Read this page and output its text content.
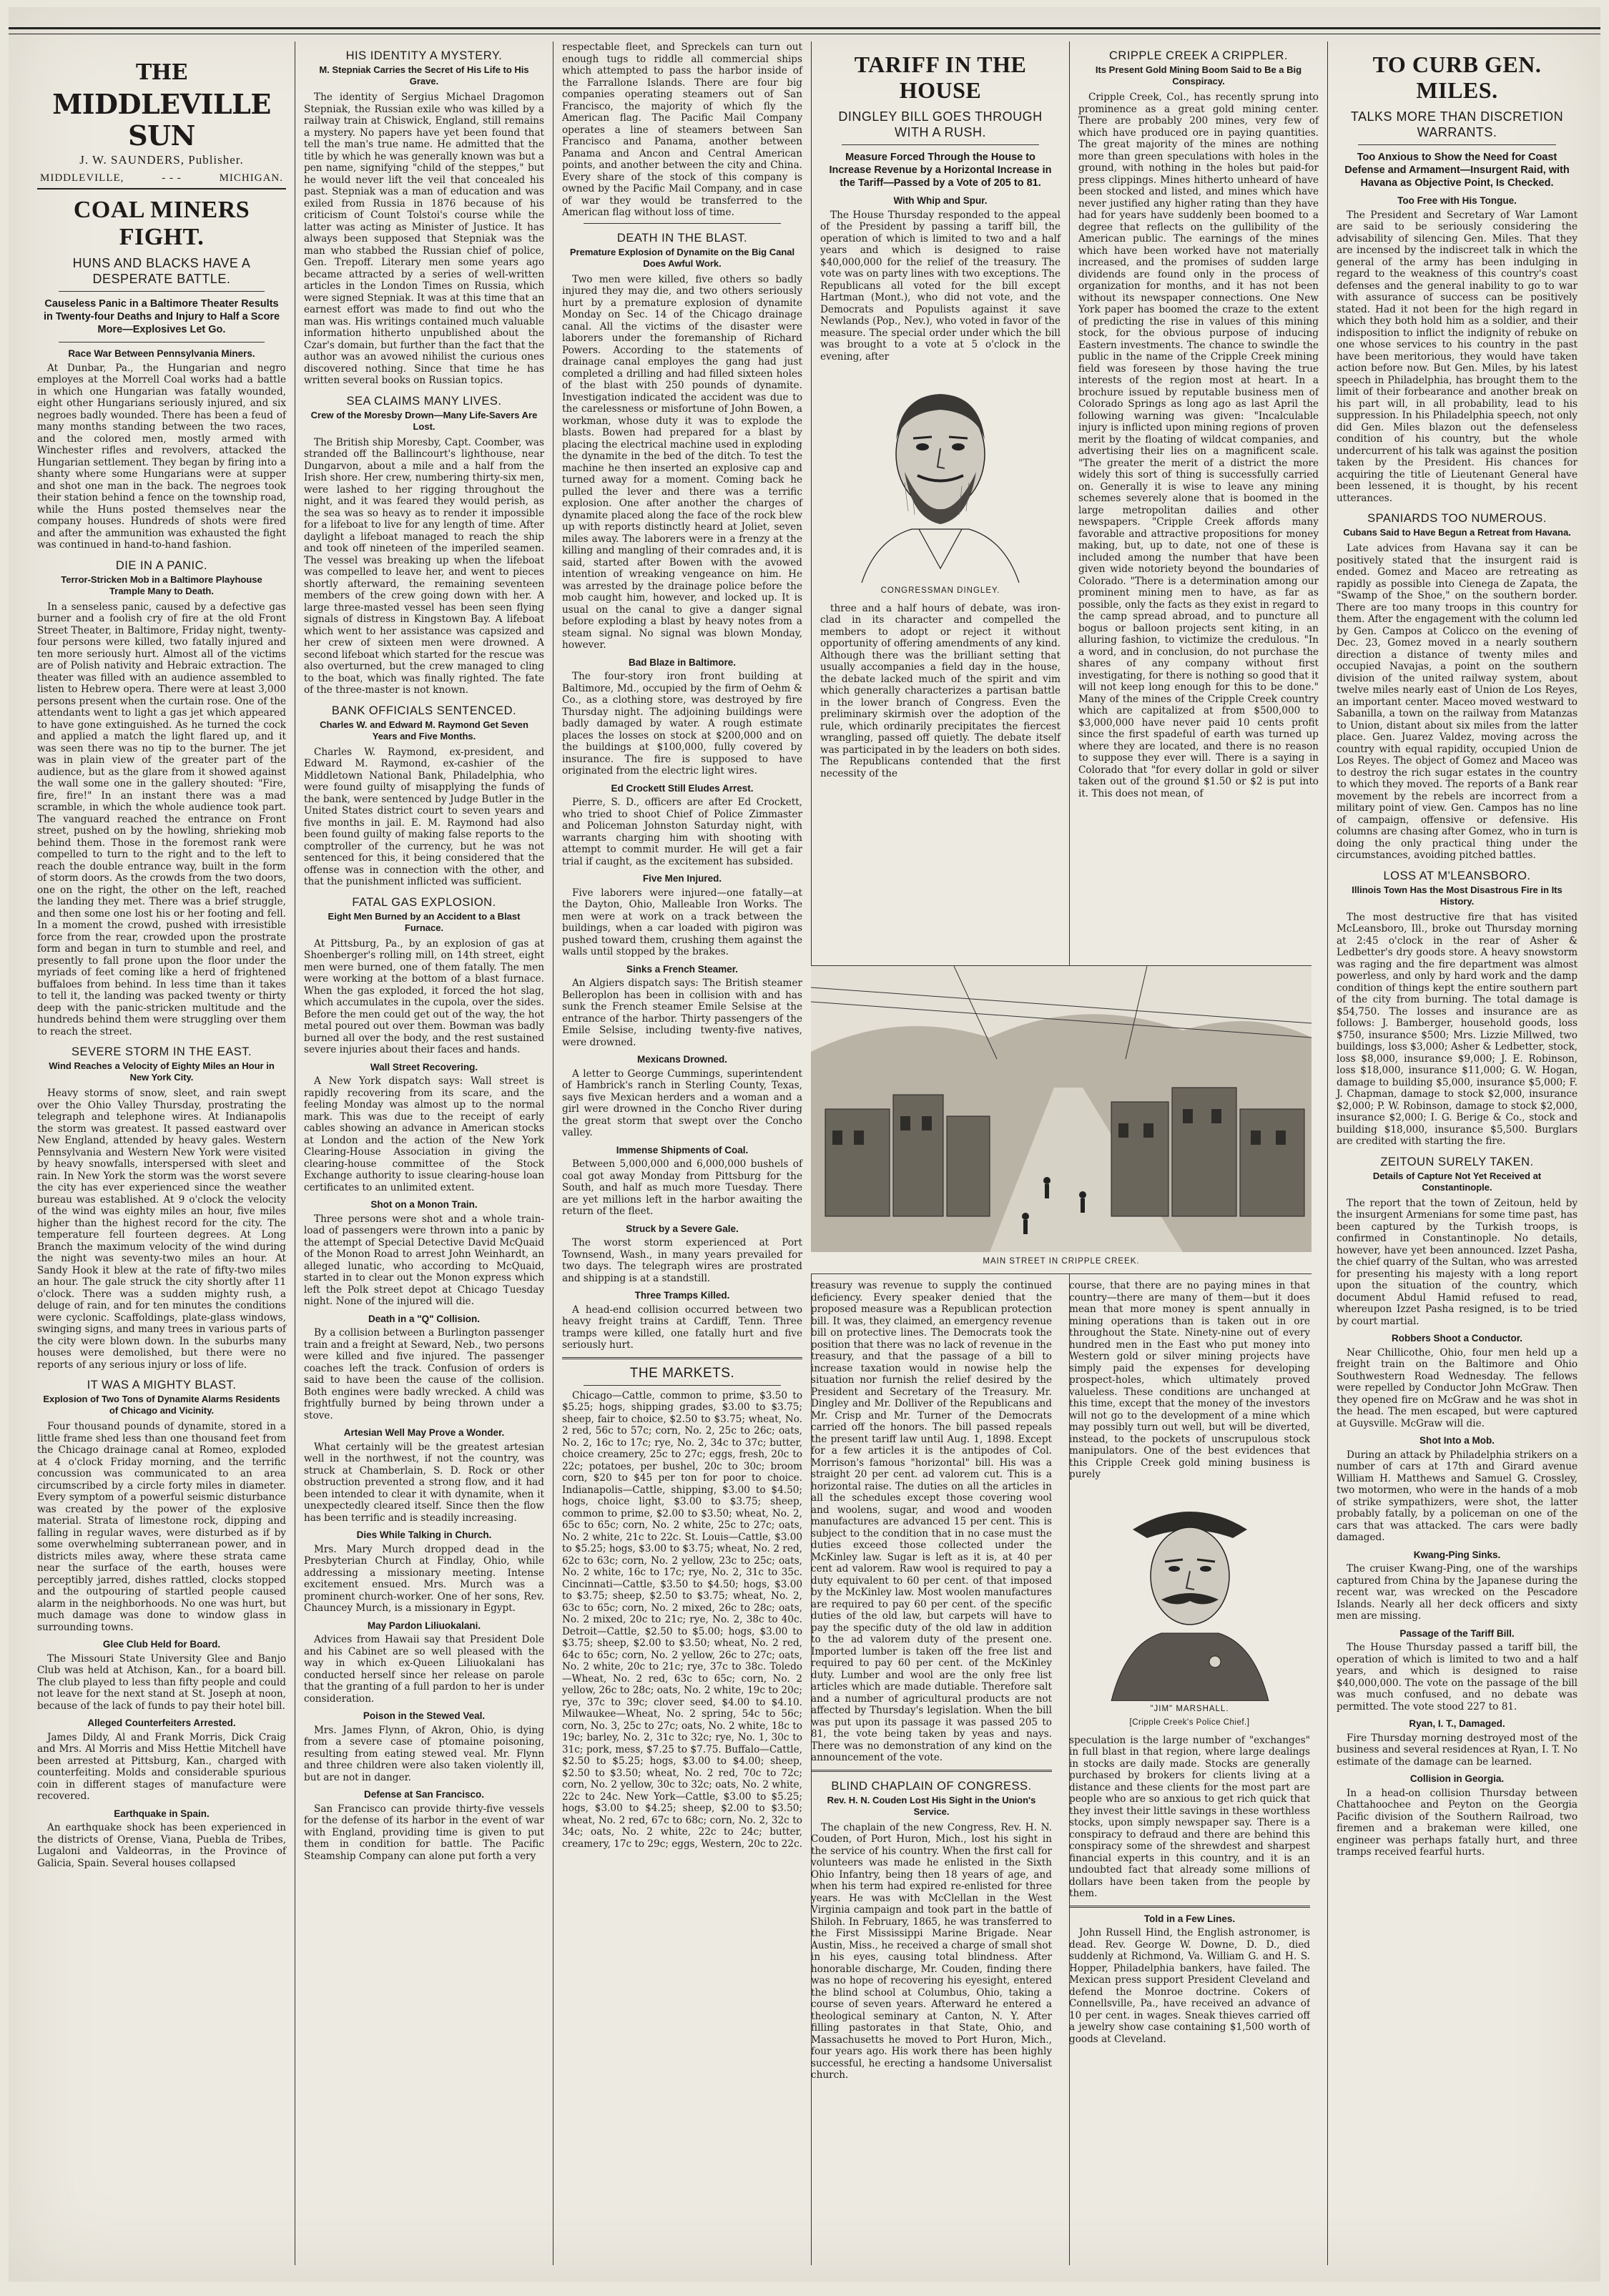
THE MIDDLEVILLE SUN
J. W. SAUNDERS, Publisher.
MIDDLEVILLE,	- - -	MICHIGAN.
COAL MINERS FIGHT.
HUNS AND BLACKS HAVE A DESPERATE BATTLE.
Causeless Panic in a Baltimore Theater Results in Twenty-four Deaths and Injury to Half a Score More—Explosives Let Go.
Race War Between Pennsylvania Miners.

At Dunbar, Pa., the Hungarian and negro employes at the Morrell Coal works had a battle in which one Hungarian was fatally wounded, eight other Hungarians seriously injured, and six negroes badly wounded. There has been a feud of many months standing between the two races, and the colored men, mostly armed with Winchester rifles and revolvers, attacked the Hungarian settlement. They began by firing into a shanty where some Hungarians were at supper and shot one man in the back. The negroes took their station behind a fence on the township road, while the Huns posted themselves near the company houses. Hundreds of shots were fired and after the ammunition was exhausted the fight was continued in hand-to-hand fashion.

DIE IN A PANIC.
Terror-Stricken Mob in a Baltimore Playhouse Trample Many to Death.

In a senseless panic, caused by a defective gas burner and a foolish cry of fire at the old Front Street Theater, in Baltimore, Friday night, twenty-four persons were killed, two fatally injured and ten more seriously hurt. Almost all of the victims are of Polish nativity and Hebraic extraction. The theater was filled with an audience assembled to listen to Hebrew opera. There were at least 3,000 persons present when the curtain rose. One of the attendants went to light a gas jet which appeared to have gone extinguished. As he turned the cock and applied a match the light flared up, and it was seen there was no tip to the burner. The jet was in plain view of the greater part of the audience, but as the glare from it showed against the wall some one in the gallery shouted: "Fire, fire, fire!" In an instant there was a mad scramble, in which the whole audience took part. The vanguard reached the entrance on Front street, pushed on by the howling, shrieking mob behind them. Those in the foremost rank were compelled to turn to the right and to the left to reach the double entrance way, built in the form of storm doors. As the crowds from the two doors, one on the right, the other on the left, reached the landing they met. There was a brief struggle, and then some one lost his or her footing and fell. In a moment the crowd, pushed with irresistible force from the rear, crowded upon the prostrate form and began in turn to stumble and reel, and presently to fall prone upon the floor under the myriads of feet coming like a herd of frightened buffaloes from behind. In less time than it takes to tell it, the landing was packed twenty or thirty deep with the panic-stricken multitude and the hundreds behind them were struggling over them to reach the street.

SEVERE STORM IN THE EAST.
Wind Reaches a Velocity of Eighty Miles an Hour in New York City.

Heavy storms of snow, sleet, and rain swept over the Ohio Valley Thursday, prostrating the telegraph and telephone wires. At Indianapolis the storm was greatest. It passed eastward over New England, attended by heavy gales. Western Pennsylvania and Western New York were visited by heavy snowfalls, interspersed with sleet and rain. In New York the storm was the worst severe the city has ever experienced since the weather bureau was established. At 9 o'clock the velocity of the wind was eighty miles an hour, five miles higher than the highest record for the city. The temperature fell fourteen degrees. At Long Branch the maximum velocity of the wind during the night was seventy-two miles an hour. At Sandy Hook it blew at the rate of fifty-two miles an hour. The gale struck the city shortly after 11 o'clock. There was a sudden mighty rush, a deluge of rain, and for ten minutes the conditions were cyclonic. Scaffoldings, plate-glass windows, swinging signs, and many trees in various parts of the city were blown down. In the suburbs many houses were demolished, but there were no reports of any serious injury or loss of life.

IT WAS A MIGHTY BLAST.
Explosion of Two Tons of Dynamite Alarms Residents of Chicago and Vicinity.

Four thousand pounds of dynamite, stored in a little frame shed less than one thousand feet from the Chicago drainage canal at Romeo, exploded at 4 o'clock Friday morning, and the terrific concussion was communicated to an area circumscribed by a circle forty miles in diameter. Every symptom of a powerful seismic disturbance was created by the power of the explosive material. Strata of limestone rock, dipping and falling in regular waves, were disturbed as if by some overwhelming subterranean power, and in districts miles away, where these strata came near the surface of the earth, houses were perceptibly jarred, dishes rattled, clocks stopped and the outpouring of startled people caused alarm in the neighborhoods. No one was hurt, but much damage was done to window glass in surrounding towns.

Glee Club Held for Board.

The Missouri State University Glee and Banjo Club was held at Atchison, Kan., for a board bill. The club played to less than fifty people and could not leave for the next stand at St. Joseph at noon, because of the lack of funds to pay their hotel bill.

Alleged Counterfeiters Arrested.

James Dildy, Al and Frank Morris, Dick Craig and Mrs. Al Morris and Miss Hettie Mitchell have been arrested at Pittsburg, Kan., charged with counterfeiting. Molds and considerable spurious coin in different stages of manufacture were recovered.

Earthquake in Spain.

An earthquake shock has been experienced in the districts of Orense, Viana, Puebla de Tribes, Lugaloni and Valdeorras, in the Province of Galicia, Spain. Several houses collapsed

HIS IDENTITY A MYSTERY.
M. Stepniak Carries the Secret of His Life to His Grave.

The identity of Sergius Michael Dragomon Stepniak, the Russian exile who was killed by a railway train at Chiswick, England, still remains a mystery. No papers have yet been found that tell the man's true name. He admitted that the title by which he was generally known was but a pen name, signifying "child of the steppes," but he would never lift the veil that concealed his past. Stepniak was a man of education and was exiled from Russia in 1876 because of his criticism of Count Tolstoi's course while the latter was acting as Minister of Justice. It has always been supposed that Stepniak was the man who stabbed the Russian chief of police, Gen. Trepoff. Literary men some years ago became attracted by a series of well-written articles in the London Times on Russia, which were signed Stepniak. It was at this time that an earnest effort was made to find out who the man was. His writings contained much valuable information hitherto unpublished about the Czar's domain, but further than the fact that the author was an avowed nihilist the curious ones discovered nothing. Since that time he has written several books on Russian topics.

SEA CLAIMS MANY LIVES.
Crew of the Moresby Drown—Many Life-Savers Are Lost.

The British ship Moresby, Capt. Coomber, was stranded off the Ballincourt's lighthouse, near Dungarvon, about a mile and a half from the Irish shore. Her crew, numbering thirty-six men, were lashed to her rigging throughout the night, and it was feared they would perish, as the sea was so heavy as to render it impossible for a lifeboat to live for any length of time. After daylight a lifeboat managed to reach the ship and took off nineteen of the imperiled seamen. The vessel was breaking up when the lifeboat was compelled to leave her, and went to pieces shortly afterward, the remaining seventeen members of the crew going down with her. A large three-masted vessel has been seen flying signals of distress in Kingstown Bay. A lifeboat which went to her assistance was capsized and her crew of sixteen men were drowned. A second lifeboat which started for the rescue was also overturned, but the crew managed to cling to the boat, which was finally righted. The fate of the three-master is not known.

BANK OFFICIALS SENTENCED.
Charles W. and Edward M. Raymond Get Seven Years and Five Months.

Charles W. Raymond, ex-president, and Edward M. Raymond, ex-cashier of the Middletown National Bank, Philadelphia, who were found guilty of misapplying the funds of the bank, were sentenced by Judge Butler in the United States district court to seven years and five months in jail. E. M. Raymond had also been found guilty of making false reports to the comptroller of the currency, but he was not sentenced for this, it being considered that the offense was in connection with the other, and that the punishment inflicted was sufficient.

FATAL GAS EXPLOSION.
Eight Men Burned by an Accident to a Blast Furnace.

At Pittsburg, Pa., by an explosion of gas at Shoenberger's rolling mill, on 14th street, eight men were burned, one of them fatally. The men were working at the bottom of a blast furnace. When the gas exploded, it forced the hot slag, which accumulates in the cupola, over the sides. Before the men could get out of the way, the hot metal poured out over them. Bowman was badly burned all over the body, and the rest sustained severe injuries about their faces and hands.

Wall Street Recovering.

A New York dispatch says: Wall street is rapidly recovering from its scare, and the feeling Monday was almost up to the normal mark. This was due to the receipt of early cables showing an advance in American stocks at London and the action of the New York Clearing-House Association in giving the clearing-house committee of the Stock Exchange authority to issue clearing-house loan certificates to an unlimited extent.

Shot on a Monon Train.

Three persons were shot and a whole train-load of passengers were thrown into a panic by the attempt of Special Detective David McQuaid of the Monon Road to arrest John Weinhardt, an alleged lunatic, who according to McQuaid, started in to clear out the Monon express which left the Polk street depot at Chicago Tuesday night. None of the injured will die.

Death in a "Q" Collision.

By a collision between a Burlington passenger train and a freight at Seward, Neb., two persons were killed and five injured. The passenger coaches left the track. Confusion of orders is said to have been the cause of the collision. Both engines were badly wrecked. A child was frightfully burned by being thrown under a stove.

Artesian Well May Prove a Wonder.

What certainly will be the greatest artesian well in the northwest, if not the country, was struck at Chamberlain, S. D. Rock or other obstruction prevented a strong flow, and it had been intended to clear it with dynamite, when it unexpectedly cleared itself. Since then the flow has been terrific and is steadily increasing.

Dies While Talking in Church.

Mrs. Mary Murch dropped dead in the Presbyterian Church at Findlay, Ohio, while addressing a missionary meeting. Intense excitement ensued. Mrs. Murch was a prominent church-worker. One of her sons, Rev. Chauncey Murch, is a missionary in Egypt.

May Pardon Liliuokalani.

Advices from Hawaii say that President Dole and his Cabinet are so well pleased with the way in which ex-Queen Liliuokalani has conducted herself since her release on parole that the granting of a full pardon to her is under consideration.

Poison in the Stewed Veal.

Mrs. James Flynn, of Akron, Ohio, is dying from a severe case of ptomaine poisoning, resulting from eating stewed veal. Mr. Flynn and three children were also taken violently ill, but are not in danger.

Defense at San Francisco.

San Francisco can provide thirty-five vessels for the defense of its harbor in the event of war with England, providing time is given to put them in condition for battle. The Pacific Steamship Company can alone put forth a very

respectable fleet, and Spreckels can turn out enough tugs to riddle all commercial ships which attempted to pass the harbor inside of the Farrallone Islands. There are four big companies operating steamers out of San Francisco, the majority of which fly the American flag. The Pacific Mail Company operates a line of steamers between San Francisco and Panama, another between Panama and Ancon and Central American points, and another between the city and China. Every share of the stock of this company is owned by the Pacific Mail Company, and in case of war they would be transferred to the American flag without loss of time.

DEATH IN THE BLAST.
Premature Explosion of Dynamite on the Big Canal Does Awful Work.

Two men were killed, five others so badly injured they may die, and two others seriously hurt by a premature explosion of dynamite Monday on Sec. 14 of the Chicago drainage canal. All the victims of the disaster were laborers under the foremanship of Richard Powers. According to the statements of drainage canal employes the gang had just completed a drilling and had filled sixteen holes of the blast with 250 pounds of dynamite. Investigation indicated the accident was due to the carelessness or misfortune of John Bowen, a workman, whose duty it was to explode the blasts. Bowen had prepared for a blast by placing the electrical machine used in exploding the dynamite in the bed of the ditch. To test the machine he then inserted an explosive cap and turned away for a moment. Coming back he pulled the lever and there was a terrific explosion. One after another the charges of dynamite placed along the face of the rock blew up with reports distinctly heard at Joliet, seven miles away. The laborers were in a frenzy at the killing and mangling of their comrades and, it is said, started after Bowen with the avowed intention of wreaking vengeance on him. He was arrested by the drainage police before the mob caught him, however, and locked up. It is usual on the canal to give a danger signal before exploding a blast by heavy notes from a steam signal. No signal was blown Monday, however.

Bad Blaze in Baltimore.

The four-story iron front building at Baltimore, Md., occupied by the firm of Oehm & Co., as a clothing store, was destroyed by fire Thursday night. The adjoining buildings were badly damaged by water. A rough estimate places the losses on stock at $200,000 and on the buildings at $100,000, fully covered by insurance. The fire is supposed to have originated from the electric light wires.

Ed Crockett Still Eludes Arrest.

Pierre, S. D., officers are after Ed Crockett, who tried to shoot Chief of Police Zimmaster and Policeman Johnston Saturday night, with warrants charging him with shooting with attempt to commit murder. He will get a fair trial if caught, as the excitement has subsided.

Five Men Injured.

Five laborers were injured—one fatally—at the Dayton, Ohio, Malleable Iron Works. The men were at work on a track between the buildings, when a car loaded with pigiron was pushed toward them, crushing them against the walls until stopped by the brakes.

Sinks a French Steamer.

An Algiers dispatch says: The British steamer Belleroplon has been in collision with and has sunk the French steamer Emile Selsise at the entrance of the harbor. Thirty passengers of the Emile Selsise, including twenty-five natives, were drowned.

Mexicans Drowned.

A letter to George Cummings, superintendent of Hambrick's ranch in Sterling County, Texas, says five Mexican herders and a woman and a girl were drowned in the Concho River during the great storm that swept over the Concho valley.

Immense Shipments of Coal.

Between 5,000,000 and 6,000,000 bushels of coal got away Monday from Pittsburg for the South, and half as much more Tuesday. There are yet millions left in the harbor awaiting the return of the fleet.

Struck by a Severe Gale.

The worst storm experienced at Port Townsend, Wash., in many years prevailed for two days. The telegraph wires are prostrated and shipping is at a standstill.

Three Tramps Killed.

A head-end collision occurred between two heavy freight trains at Cardiff, Tenn. Three tramps were killed, one fatally hurt and five seriously hurt.

THE MARKETS.

Chicago—Cattle, common to prime, $3.50 to $5.25; hogs, shipping grades, $3.00 to $3.75; sheep, fair to choice, $2.50 to $3.75; wheat, No. 2 red, 56c to 57c; corn, No. 2, 25c to 26c; oats, No. 2, 16c to 17c; rye, No. 2, 34c to 37c; butter, choice creamery, 25c to 27c; eggs, fresh, 20c to 22c; potatoes, per bushel, 20c to 30c; broom corn, $20 to $45 per ton for poor to choice. Indianapolis—Cattle, shipping, $3.00 to $4.50; hogs, choice light, $3.00 to $3.75; sheep, common to prime, $2.00 to $3.50; wheat, No. 2, 65c to 65c; corn, No. 2 white, 25c to 27c; oats, No. 2 white, 21c to 22c. St. Louis—Cattle, $3.00 to $5.25; hogs, $3.00 to $3.75; wheat, No. 2 red, 62c to 63c; corn, No. 2 yellow, 23c to 25c; oats, No. 2 white, 16c to 17c; rye, No. 2, 31c to 35c. Cincinnati—Cattle, $3.50 to $4.50; hogs, $3.00 to $3.75; sheep, $2.50 to $3.75; wheat, No. 2, 63c to 65c; corn, No. 2 mixed, 26c to 28c; oats, No. 2 mixed, 20c to 21c; rye, No. 2, 38c to 40c. Detroit—Cattle, $2.50 to $5.00; hogs, $3.00 to $3.75; sheep, $2.00 to $3.50; wheat, No. 2 red, 64c to 65c; corn, No. 2 yellow, 26c to 27c; oats, No. 2 white, 20c to 21c; rye, 37c to 38c. Toledo—Wheat, No. 2 red, 63c to 65c; corn, No. 2 yellow, 26c to 28c; oats, No. 2 white, 19c to 20c; rye, 37c to 39c; clover seed, $4.00 to $4.10. Milwaukee—Wheat, No. 2 spring, 54c to 56c; corn, No. 3, 25c to 27c; oats, No. 2 white, 18c to 19c; barley, No. 2, 31c to 32c; rye, No. 1, 30c to 31c; pork, mess, $7.25 to $7.75. Buffalo—Cattle, $2.50 to $5.25; hogs, $3.00 to $4.00; sheep, $2.50 to $3.50; wheat, No. 2 red, 70c to 72c; corn, No. 2 yellow, 30c to 32c; oats, No. 2 white, 22c to 24c. New York—Cattle, $3.00 to $5.25; hogs, $3.00 to $4.25; sheep, $2.00 to $3.50; wheat, No. 2 red, 67c to 68c; corn, No. 2, 32c to 34c; oats, No. 2 white, 22c to 24c; butter, creamery, 17c to 29c; eggs, Western, 20c to 22c.

TARIFF IN THE HOUSE
DINGLEY BILL GOES THROUGH WITH A RUSH.
Measure Forced Through the House to Increase Revenue by a Horizontal Increase in the Tariff—Passed by a Vote of 205 to 81.
With Whip and Spur.

The House Thursday responded to the appeal of the President by passing a tariff bill, the operation of which is limited to two and a half years and which is designed to raise $40,000,000 for the relief of the treasury. The vote was on party lines with two exceptions. The Republicans all voted for the bill except Hartman (Mont.), who did not vote, and the Democrats and Populists against it save Newlands (Pop., Nev.), who voted in favor of the measure. The special order under which the bill was brought to a vote at 5 o'clock in the evening, after

CONGRESSMAN DINGLEY.

three and a half hours of debate, was iron-clad in its character and compelled the members to adopt or reject it without opportunity of offering amendments of any kind. Although there was the brilliant setting that usually accompanies a field day in the house, the debate lacked much of the spirit and vim which generally characterizes a partisan battle in the lower branch of Congress. Even the preliminary skirmish over the adoption of the rule, which ordinarily precipitates the fiercest wrangling, passed off quietly. The debate itself was participated in by the leaders on both sides. The Republicans contended that the first necessity of the

CRIPPLE CREEK A CRIPPLER.
Its Present Gold Mining Boom Said to Be a Big Conspiracy.

Cripple Creek, Col., has recently sprung into prominence as a great gold mining center. There are probably 200 mines, very few of which have produced ore in paying quantities. The great majority of the mines are nothing more than green speculations with holes in the ground, with nothing in the holes but paid-for press clippings. Mines hitherto unheard of have been stocked and listed, and mines which have never justified any higher rating than they have had for years have suddenly been boomed to a degree that reflects on the gullibility of the American public. The earnings of the mines which have been worked have not materially increased, and the promises of sudden large dividends are found only in the process of organization for months, and it has not been without its newspaper connections. One New York paper has boomed the craze to the extent of predicting the rise in values of this mining stock, for the obvious purpose of inducing Eastern investments. The chance to swindle the public in the name of the Cripple Creek mining field was foreseen by those having the true interests of the region most at heart. In a brochure issued by reputable business men of Colorado Springs as long ago as last April the following warning was given: "Incalculable injury is inflicted upon mining regions of proven merit by the floating of wildcat companies, and advertising their lies on a magnificent scale. "The greater the merit of a district the more widely this sort of thing is successfully carried on. Generally it is wise to leave any mining schemes severely alone that is boomed in the large metropolitan dailies and other newspapers. "Cripple Creek affords many favorable and attractive propositions for money making, but, up to date, not one of these is included among the number that have been given wide notoriety beyond the boundaries of Colorado. "There is a determination among our prominent mining men to have, as far as possible, only the facts as they exist in regard to the camp spread abroad, and to puncture all bogus or balloon projects sent kiting, in an alluring fashion, to victimize the credulous. "In a word, and in conclusion, do not purchase the shares of any company without first investigating, for there is nothing so good that it will not keep long enough for this to be done." Many of the mines of the Cripple Creek country which are capitalized at from $500,000 to $3,000,000 have never paid 10 cents profit since the first spadeful of earth was turned up where they are located, and there is no reason to suppose they ever will. There is a saying in Colorado that "for every dollar in gold or silver taken out of the ground $1.50 or $2 is put into it. This does not mean, of

TO CURB GEN. MILES.
TALKS MORE THAN DISCRETION WARRANTS.
Too Anxious to Show the Need for Coast Defense and Armament—Insurgent Raid, with Havana as Objective Point, Is Checked.
Too Free with His Tongue.

The President and Secretary of War Lamont are said to be seriously considering the advisability of silencing Gen. Miles. That they are incensed by the indiscreet talk in which the general of the army has been indulging in regard to the weakness of this country's coast defenses and the general inability to go to war with assurance of success can be positively stated. Had it not been for the high regard in which they both hold him as a soldier, and their indisposition to inflict the indignity of rebuke on one whose services to his country in the past have been meritorious, they would have taken action before now. But Gen. Miles, by his latest speech in Philadelphia, has brought them to the limit of their forbearance and another break on his part will, in all probability, lead to his suppression. In his Philadelphia speech, not only did Gen. Miles blazon out the defenseless condition of his country, but the whole undercurrent of his talk was against the position taken by the President. His chances for acquiring the title of Lieutenant General have been lessened, it is thought, by his recent utterances.

SPANIARDS TOO NUMEROUS.
Cubans Said to Have Begun a Retreat from Havana.

Late advices from Havana say it can be positively stated that the insurgent raid is ended. Gomez and Maceo are retreating as rapidly as possible into Cienega de Zapata, the "Swamp of the Shoe," on the southern border. There are too many troops in this country for them. After the engagement with the column led by Gen. Campos at Colicco on the evening of Dec. 23, Gomez moved in a nearly southern direction a distance of twenty miles and occupied Navajas, a point on the southern division of the united railway system, about twelve miles nearly east of Union de Los Reyes, an important center. Maceo moved westward to Sabanilla, a town on the railway from Matanzas to Union, distant about six miles from the latter place. Gen. Juarez Valdez, moving across the country with equal rapidity, occupied Union de Los Reyes. The object of Gomez and Maceo was to destroy the rich sugar estates in the country to which they moved. The reports of a Bank rear movement by the rebels are incorrect from a military point of view. Gen. Campos has no line of campaign, offensive or defensive. His columns are chasing after Gomez, who in turn is doing the only practical thing under the circumstances, avoiding pitched battles.

LOSS AT M'LEANSBORO.
Illinois Town Has the Most Disastrous Fire in Its History.

The most destructive fire that has visited McLeansboro, Ill., broke out Thursday morning at 2:45 o'clock in the rear of Asher & Ledbetter's dry goods store. A heavy snowstorm was raging and the fire department was almost powerless, and only by hard work and the damp condition of things kept the entire southern part of the city from burning. The total damage is $54,750. The losses and insurance are as follows: J. Bamberger, household goods, loss $750, insurance $500; Mrs. Lizzie Millwed, two buildings, loss $3,000; Asher & Ledbetter, stock, loss $8,000, insurance $9,000; J. E. Robinson, loss $18,000, insurance $11,000; G. W. Hogan, damage to building $5,000, insurance $5,000; F. J. Chapman, damage to stock $2,000, insurance $2,000; P. W. Robinson, damage to stock $2,000, insurance $2,000; I. G. Berige & Co., stock and building $18,000, insurance $5,500. Burglars are credited with starting the fire.

ZEITOUN SURELY TAKEN.
Details of Capture Not Yet Received at Constantinople.

The report that the town of Zeitoun, held by the insurgent Armenians for some time past, has been captured by the Turkish troops, is confirmed in Constantinople. No details, however, have yet been announced. Izzet Pasha, the chief quarry of the Sultan, who was arrested for presenting his majesty with a long report upon the situation of the country, which document Abdul Hamid refused to read, whereupon Izzet Pasha resigned, is to be tried by court martial.

Robbers Shoot a Conductor.

Near Chillicothe, Ohio, four men held up a freight train on the Baltimore and Ohio Southwestern Road Wednesday. The fellows were repelled by Conductor John McGraw. Then they opened fire on McGraw and he was shot in the head. The men escaped, but were captured at Guysville. McGraw will die.

Shot Into a Mob.

During an attack by Philadelphia strikers on a number of cars at 17th and Girard avenue William H. Matthews and Samuel G. Crossley, two motormen, who were in the hands of a mob of strike sympathizers, were shot, the latter probably fatally, by a policeman on one of the cars that was attacked. The cars were badly damaged.

Kwang-Ping Sinks.

The cruiser Kwang-Ping, one of the warships captured from China by the Japanese during the recent war, was wrecked on the Pescadore Islands. Nearly all her deck officers and sixty men are missing.

Passage of the Tariff Bill.

The House Thursday passed a tariff bill, the operation of which is limited to two and a half years, and which is designed to raise $40,000,000. The vote on the passage of the bill was much confused, and no debate was permitted. The vote stood 227 to 81.

Ryan, I. T., Damaged.

Fire Thursday morning destroyed most of the business and several residences at Ryan, I. T. No estimate of the damage can be learned.

Collision in Georgia.

In a head-on collision Thursday between Chattahoochee and Peyton on the Georgia Pacific division of the Southern Railroad, two firemen and a brakeman were killed, one engineer was perhaps fatally hurt, and three tramps received fearful hurts.

MAIN STREET IN CRIPPLE CREEK.

treasury was revenue to supply the continued deficiency. Every speaker denied that the proposed measure was a Republican protection bill. It was, they claimed, an emergency revenue bill on protective lines. The Democrats took the position that there was no lack of revenue in the treasury, and that the passage of a bill to increase taxation would in nowise help the situation nor furnish the relief desired by the President and Secretary of the Treasury. Mr. Dingley and Mr. Dolliver of the Republicans and Mr. Crisp and Mr. Turner of the Democrats carried off the honors. The bill passed repeals the present tariff law until Aug. 1, 1898. Except for a few articles it is the antipodes of Col. Morrison's famous "horizontal" bill. His was a straight 20 per cent. ad valorem cut. This is a horizontal raise. The duties on all the articles in all the schedules except those covering wool and woolens, sugar, and wood and wooden manufactures are advanced 15 per cent. This is subject to the condition that in no case must the duties exceed those collected under the McKinley law. Sugar is left as it is, at 40 per cent ad valorem. Raw wool is required to pay a duty equivalent to 60 per cent. of that imposed by the McKinley law. Most woolen manufactures are required to pay 60 per cent. of the specific duties of the old law, but carpets will have to pay the specific duty of the old law in addition to the ad valorem duty of the present one. Imported lumber is taken off the free list and required to pay 60 per cent. of the McKinley duty. Lumber and wool are the only free list articles which are made dutiable. Therefore salt and a number of agricultural products are not affected by Thursday's legislation. When the bill was put upon its passage it was passed 205 to 81, the vote being taken by yeas and nays. There was no demonstration of any kind on the announcement of the vote.

BLIND CHAPLAIN OF CONGRESS.
Rev. H. N. Couden Lost His Sight in the Union's Service.

The chaplain of the new Congress, Rev. H. N. Couden, of Port Huron, Mich., lost his sight in the service of his country. When the first call for volunteers was made he enlisted in the Sixth Ohio Infantry, being then 18 years of age, and when his term had expired re-enlisted for three years. He was with McClellan in the West Virginia campaign and took part in the battle of Shiloh. In February, 1865, he was transferred to the First Mississippi Marine Brigade. Near Austin, Miss., he received a charge of small shot in his eyes, causing total blindness. After honorable discharge, Mr. Couden, finding there was no hope of recovering his eyesight, entered the blind school at Columbus, Ohio, taking a course of seven years. Afterward he entered a theological seminary at Canton, N. Y. After filling pastorates in that State, Ohio, and Massachusetts he moved to Port Huron, Mich., four years ago. His work there has been highly successful, he erecting a handsome Universalist church.

course, that there are no paying mines in that country—there are many of them—but it does mean that more money is spent annually in mining operations than is taken out in ore throughout the State. Ninety-nine out of every hundred men in the East who put money into Western gold or silver mining projects have simply paid the expenses for developing prospect-holes, which ultimately proved valueless. These conditions are unchanged at this time, except that the money of the investors will not go to the development of a mine which may possibly turn out well, but will be diverted, instead, to the pockets of unscrupulous stock manipulators. One of the best evidences that this Cripple Creek gold mining business is purely

"JIM" MARSHALL.
[Cripple Creek's Police Chief.]

speculation is the large number of "exchanges" in full blast in that region, where large dealings in stocks are daily made. Stocks are generally purchased by brokers for clients living at a distance and these clients for the most part are people who are so anxious to get rich quick that they invest their little savings in these worthless stocks, upon simply newspaper say. There is a conspiracy to defraud and there are behind this conspiracy some of the shrewdest and sharpest financial experts in this country, and it is an undoubted fact that already some millions of dollars have been taken from the people by them.

Told in a Few Lines.

John Russell Hind, the English astronomer, is dead. Rev. George W. Downe, D. D., died suddenly at Richmond, Va. William G. and H. S. Hopper, Philadelphia bankers, have failed. The Mexican press support President Cleveland and defend the Monroe doctrine. Cokers of Connellsville, Pa., have received an advance of 10 per cent. in wages. Sneak thieves carried off a jewelry show case containing $1,500 worth of goods at Cleveland.
